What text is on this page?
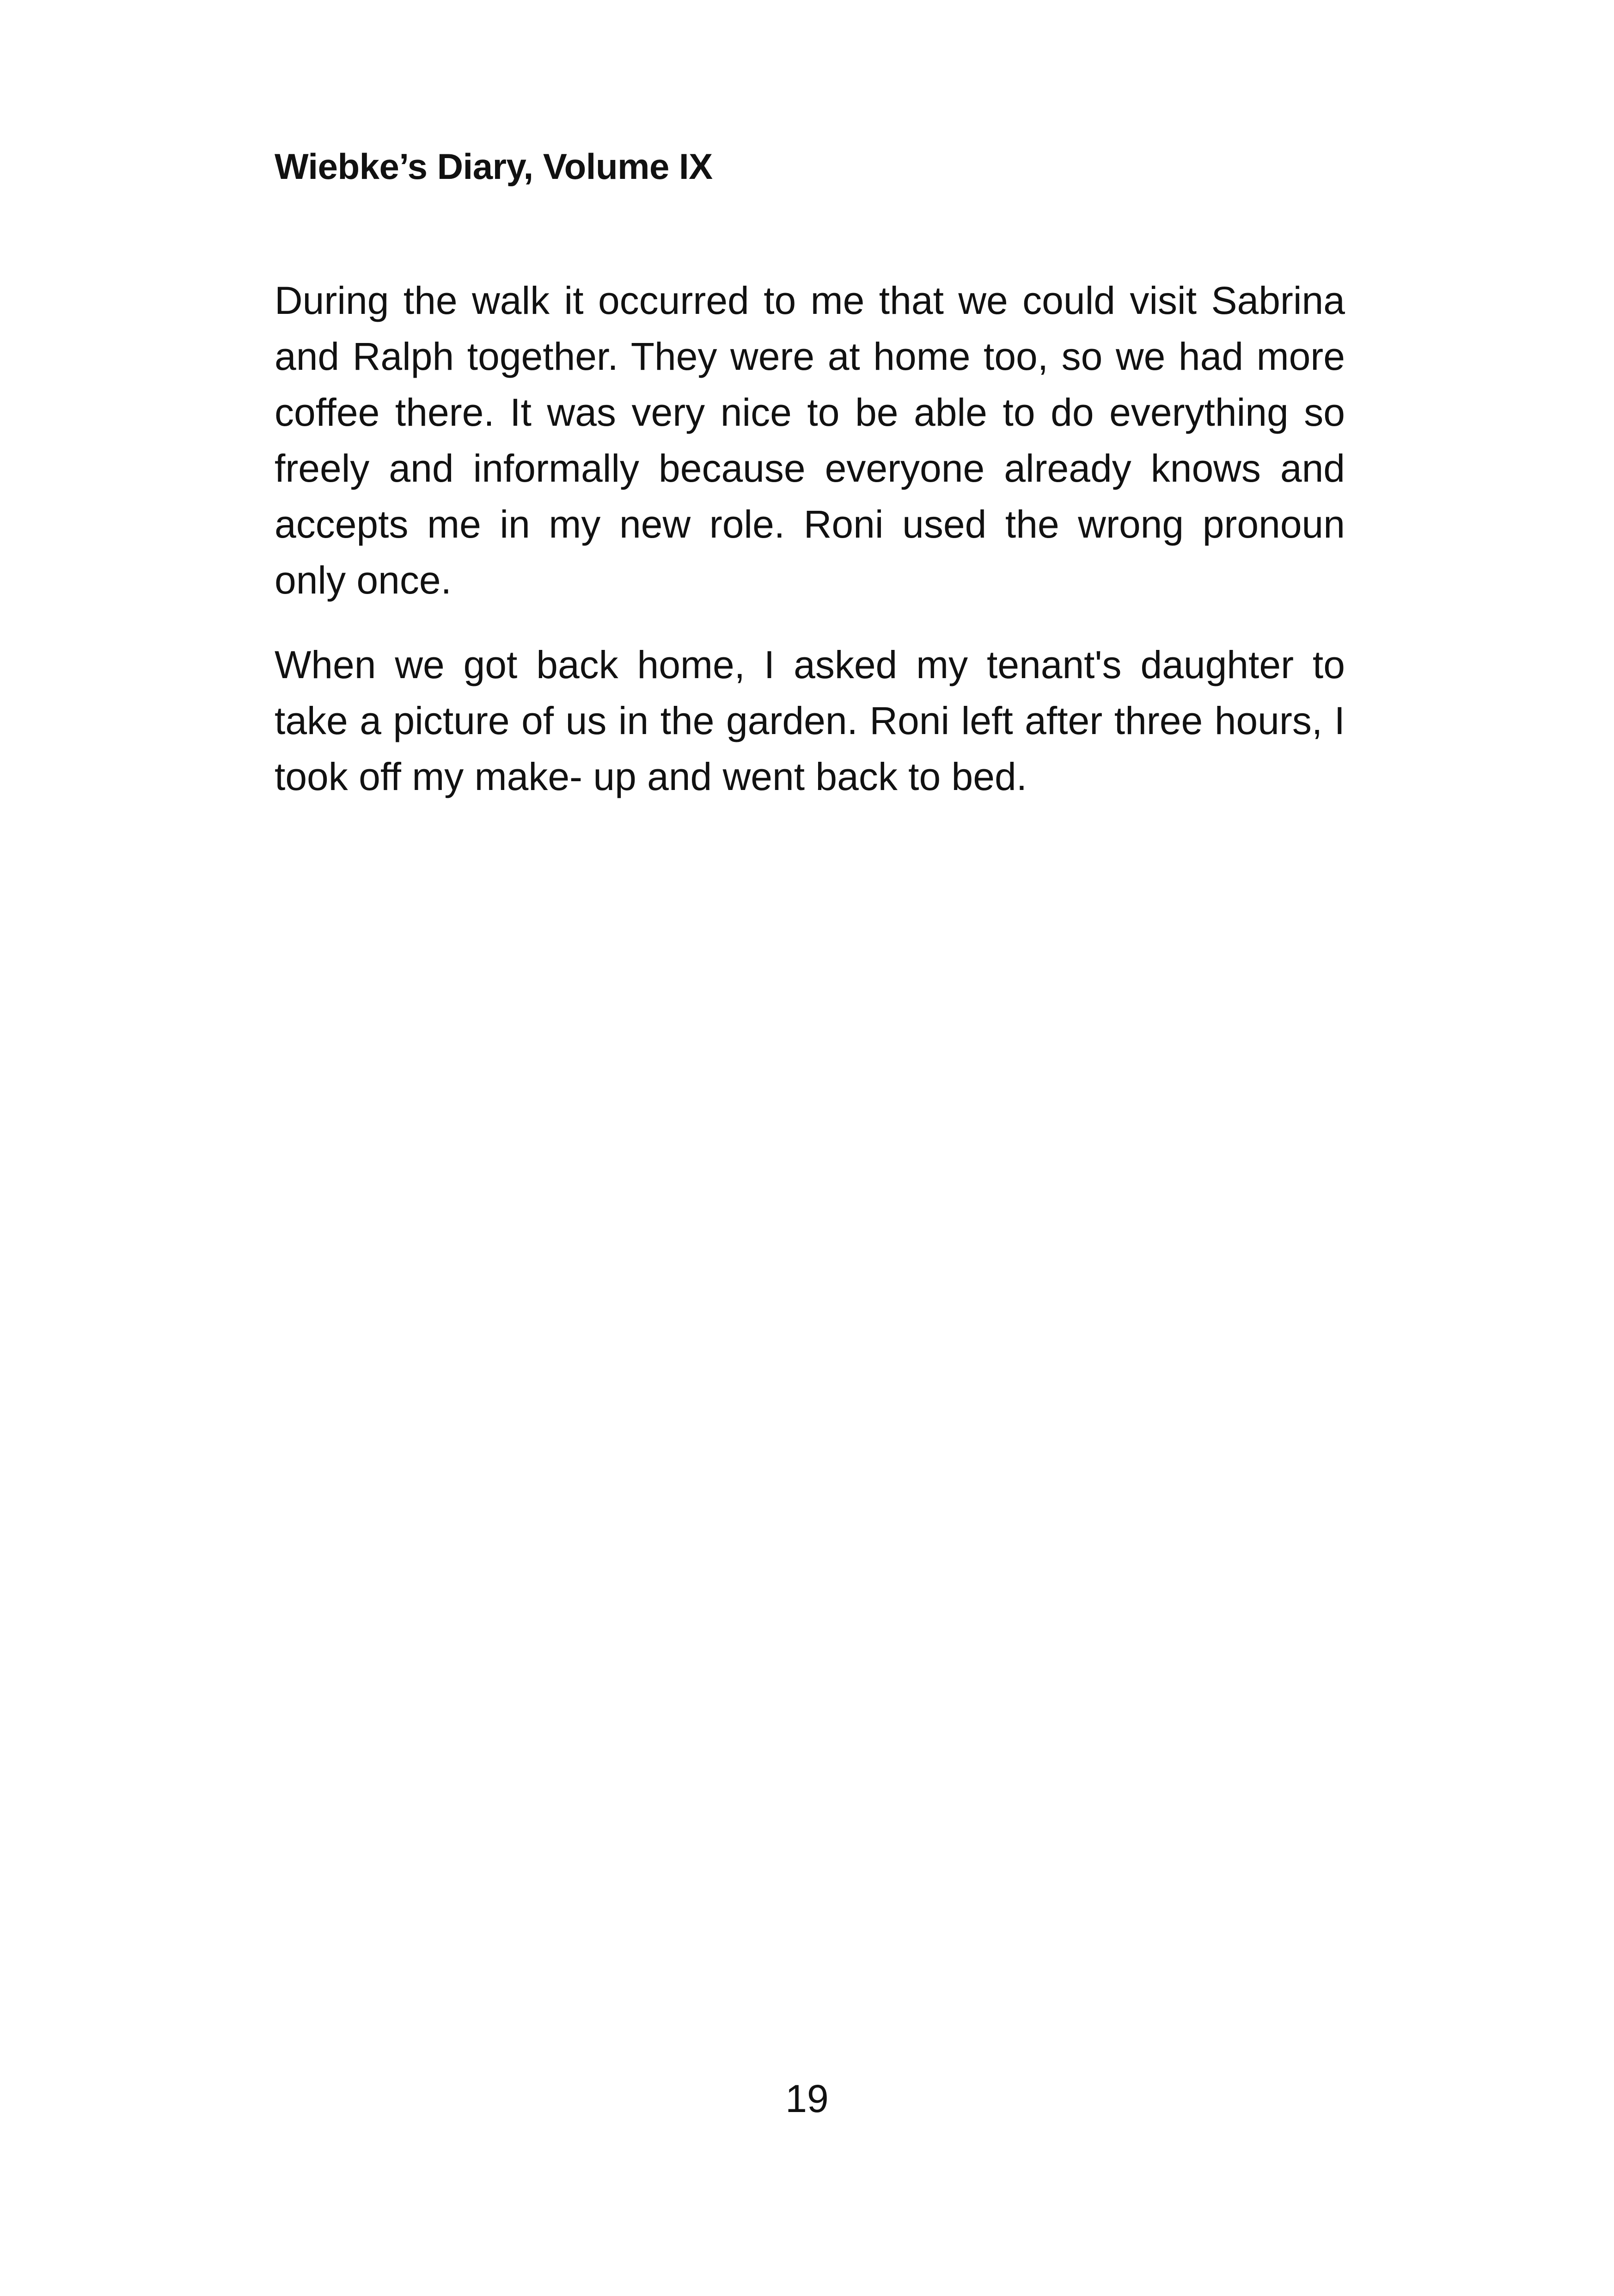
Wiebke’s Diary, Volume IX

During the walk it occurred to me that we could visit Sabrina and Ralph together. They were at home too, so we had more coffee there. It was very nice to be able to do everything so freely and informally because everyone already knows and accepts me in my new role. Roni used the wrong pronoun only once.

When we got back home, I asked my tenant's daughter to take a picture of us in the garden. Roni left after three hours, I took off my make- up and went back to bed.

19
